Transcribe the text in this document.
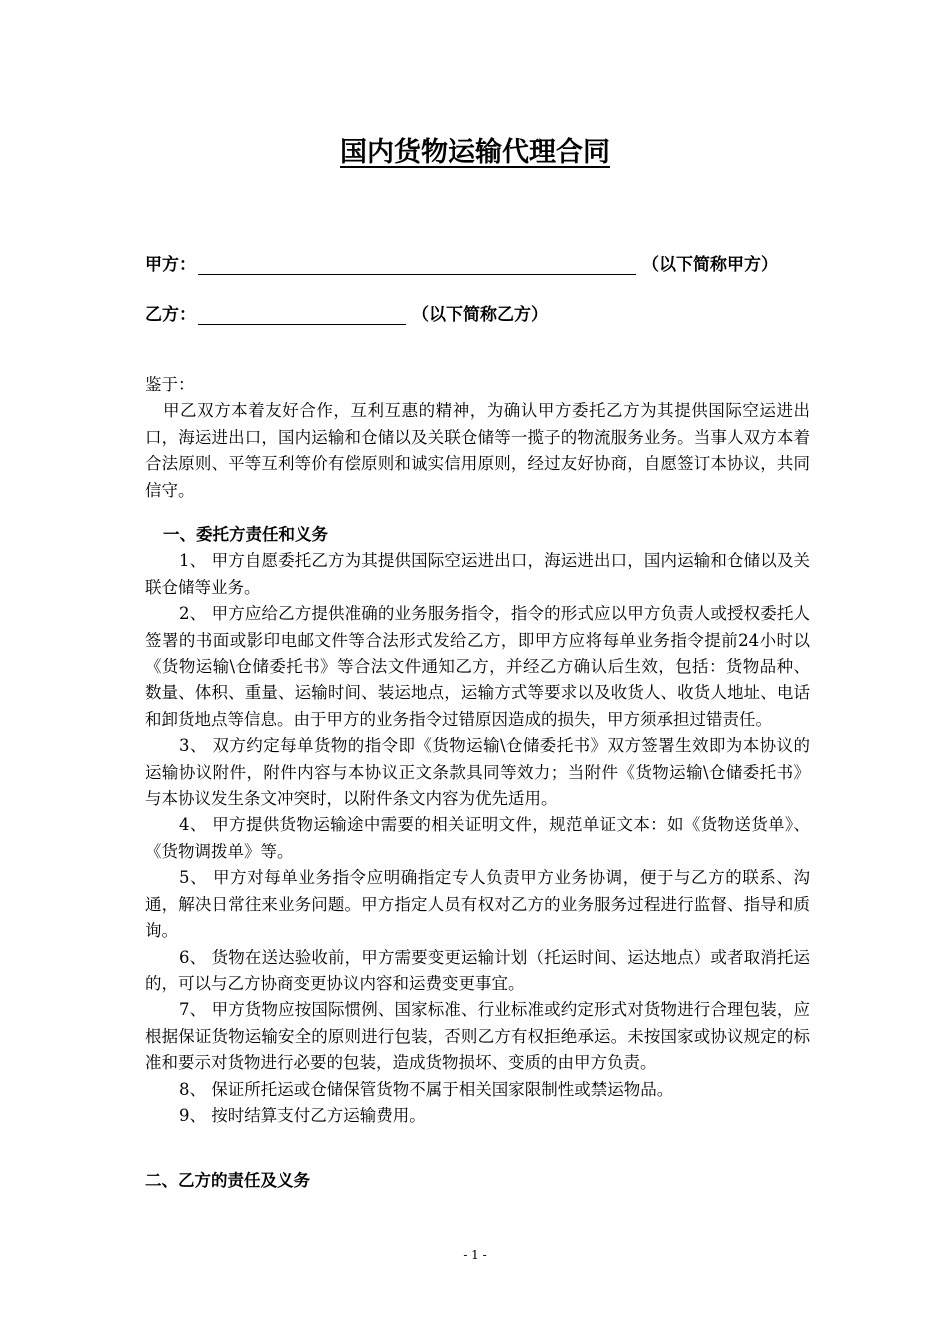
国内货物运输代理合同
甲方：	（以下简称甲方）
乙方：	（以下简称乙方）

鉴于：

甲乙双方本着友好合作，互利互惠的精神，为确认甲方委托乙方为其提供国际空运进出口，海运进出口，国内运输和仓储以及关联仓储等一揽子的物流服务业务。当事人双方本着合法原则、平等互利等价有偿原则和诚实信用原则，经过友好协商，自愿签订本协议，共同信守。

一、委托方责任和义务

1、 甲方自愿委托乙方为其提供国际空运进出口，海运进出口，国内运输和仓储以及关联仓储等业务。

2、 甲方应给乙方提供准确的业务服务指令，指令的形式应以甲方负责人或授权委托人签署的书面或影印电邮文件等合法形式发给乙方，即甲方应将每单业务指令提前24小时以《货物运输\仓储委托书》等合法文件通知乙方，并经乙方确认后生效，包括：货物品种、数量、体积、重量、运输时间、装运地点，运输方式等要求以及收货人、收货人地址、电话和卸货地点等信息。由于甲方的业务指令过错原因造成的损失，甲方须承担过错责任。

3、 双方约定每单货物的指令即《货物运输\仓储委托书》双方签署生效即为本协议的运输协议附件，附件内容与本协议正文条款具同等效力；当附件《货物运输\仓储委托书》与本协议发生条文冲突时，以附件条文内容为优先适用。

4、 甲方提供货物运输途中需要的相关证明文件，规范单证文本：如《货物送货单》、《货物调拨单》等。

5、 甲方对每单业务指令应明确指定专人负责甲方业务协调，便于与乙方的联系、沟通，解决日常往来业务问题。甲方指定人员有权对乙方的业务服务过程进行监督、指导和质询。

6、 货物在送达验收前，甲方需要变更运输计划（托运时间、运达地点）或者取消托运的，可以与乙方协商变更协议内容和运费变更事宜。

7、 甲方货物应按国际惯例、国家标准、行业标准或约定形式对货物进行合理包装，应根据保证货物运输安全的原则进行包装，否则乙方有权拒绝承运。未按国家或协议规定的标准和要示对货物进行必要的包装，造成货物损坏、变质的由甲方负责。

8、 保证所托运或仓储保管货物不属于相关国家限制性或禁运物品。

9、 按时结算支付乙方运输费用。

二、乙方的责任及义务

- 1 -
